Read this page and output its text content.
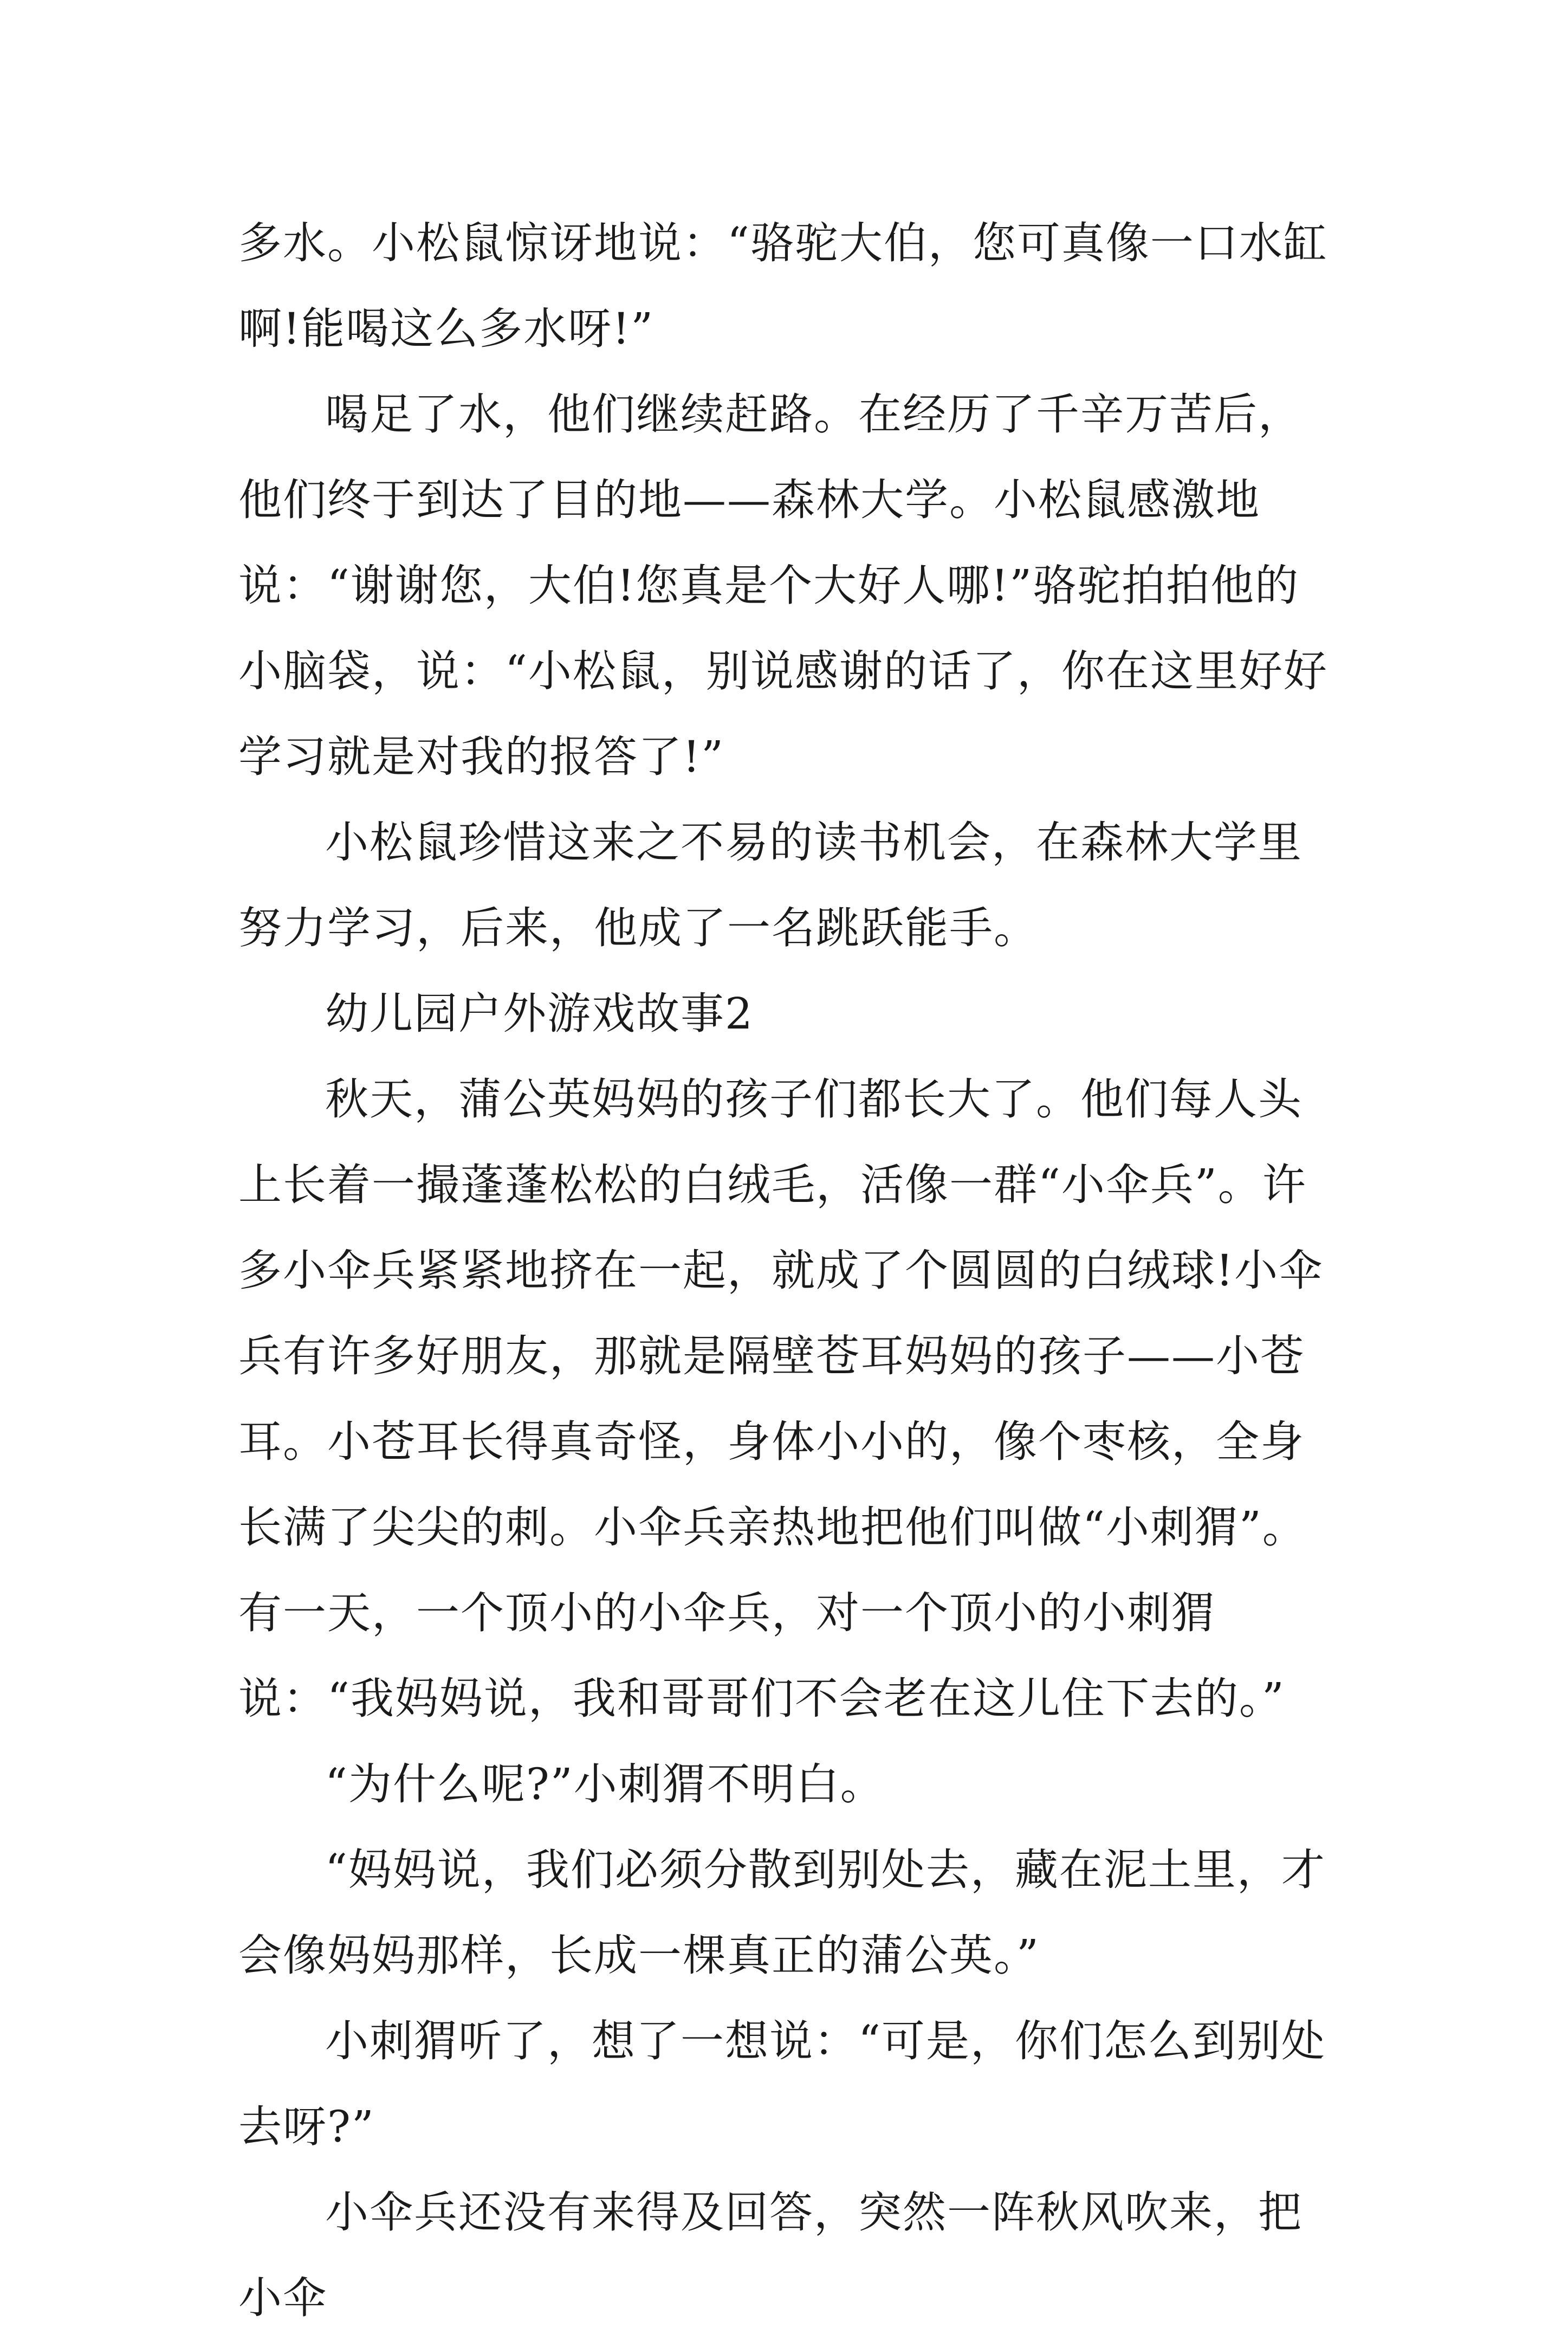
多水。小松鼠惊讶地说：“骆驼大伯，您可真像一口水缸啊!能喝这么多水呀!”

喝足了水，他们继续赶路。在经历了千辛万苦后，他们终于到达了目的地——森林大学。小松鼠感激地说：“谢谢您，大伯!您真是个大好人哪!”骆驼拍拍他的小脑袋，说：“小松鼠，别说感谢的话了，你在这里好好学习就是对我的报答了!”

小松鼠珍惜这来之不易的读书机会，在森林大学里努力学习，后来，他成了一名跳跃能手。

幼儿园户外游戏故事2

秋天，蒲公英妈妈的孩子们都长大了。他们每人头上长着一撮蓬蓬松松的白绒毛，活像一群“小伞兵”。许多小伞兵紧紧地挤在一起，就成了个圆圆的白绒球!小伞兵有许多好朋友，那就是隔壁苍耳妈妈的孩子——小苍耳。小苍耳长得真奇怪，身体小小的，像个枣核，全身长满了尖尖的刺。小伞兵亲热地把他们叫做“小刺猬”。有一天，一个顶小的小伞兵，对一个顶小的小刺猬说：“我妈妈说，我和哥哥们不会老在这儿住下去的。”

“为什么呢?”小刺猬不明白。

“妈妈说，我们必须分散到别处去，藏在泥土里，才会像妈妈那样，长成一棵真正的蒲公英。”

小刺猬听了，想了一想说：“可是，你们怎么到别处去呀?”

小伞兵还没有来得及回答，突然一阵秋风吹来，把小伞
